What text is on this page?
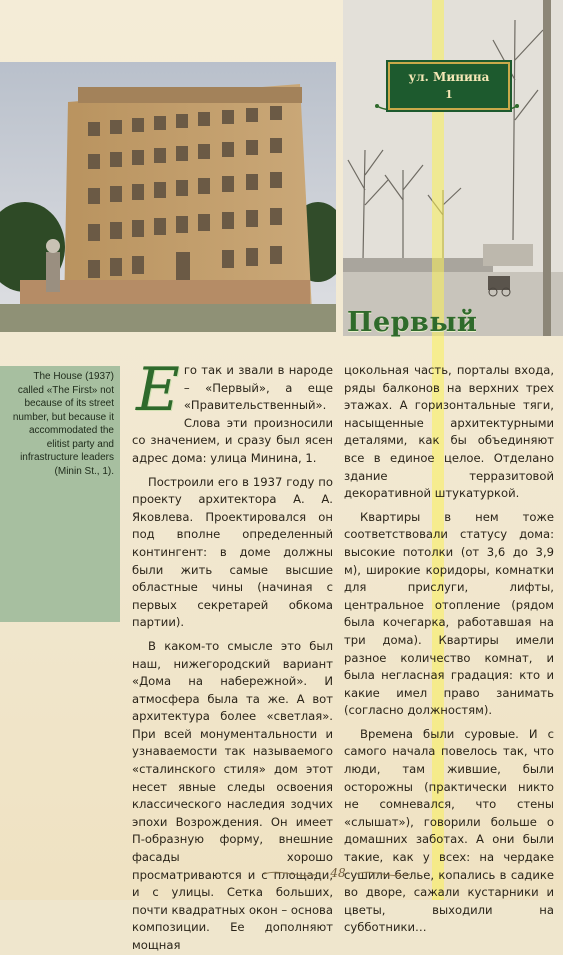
ул. Минина
1
Первый
The House (1937) called «The First» not because of its street number, but because it accommodated the elitist party and infrastructure leaders (Minin St., 1).

Его так и звали в народе – «Первый», а еще «Правительственный». Слова эти произносили со значением, и сразу был ясен адрес дома: улица Минина, 1.

Построили его в 1937 году по проекту архитектора А. А. Яковлева. Проектировался он под вполне определенный контингент: в доме должны были жить самые высшие областные чины (начиная с первых секретарей обкома партии).

В каком-то смысле это был наш, нижегородский вариант «Дома на набережной». И атмосфера была та же. А вот архитектура более «светлая». При всей монументальности и узнаваемости так называемого «сталинского стиля» дом этот несет явные следы освоения классического наследия зодчих эпохи Возрождения. Он имеет П-образную форму, внешние фасады хорошо просматриваются и с площади, и с улицы. Сетка больших, почти квадратных окон – основа композиции. Ее дополняют мощная

цокольная часть, порталы входа, ряды балконов на верхних трех этажах. А горизонтальные тяги, насыщенные архитектурными деталями, как бы объединяют все в единое целое. Отделано здание терразитовой декоративной штукатуркой.

Квартиры в нем тоже соответствовали статусу дома: высокие потолки (от 3,6 до 3,9 м), широкие коридоры, комнатки для прислуги, лифты, центральное отопление (рядом была кочегарка, работавшая на три дома). Квартиры имели разное количество комнат, и была негласная градация: кто и какие имел право занимать (согласно должностям).

Времена были суровые. И с самого начала повелось так, что люди, там жившие, были осторожны (практически никто не сомневался, что стены «слышат»), говорили больше о домашних заботах. А они были такие, как у всех: на чердаке сушили белье, копались в садике во дворе, сажали кустарники и цветы, выходили на субботники…

48
